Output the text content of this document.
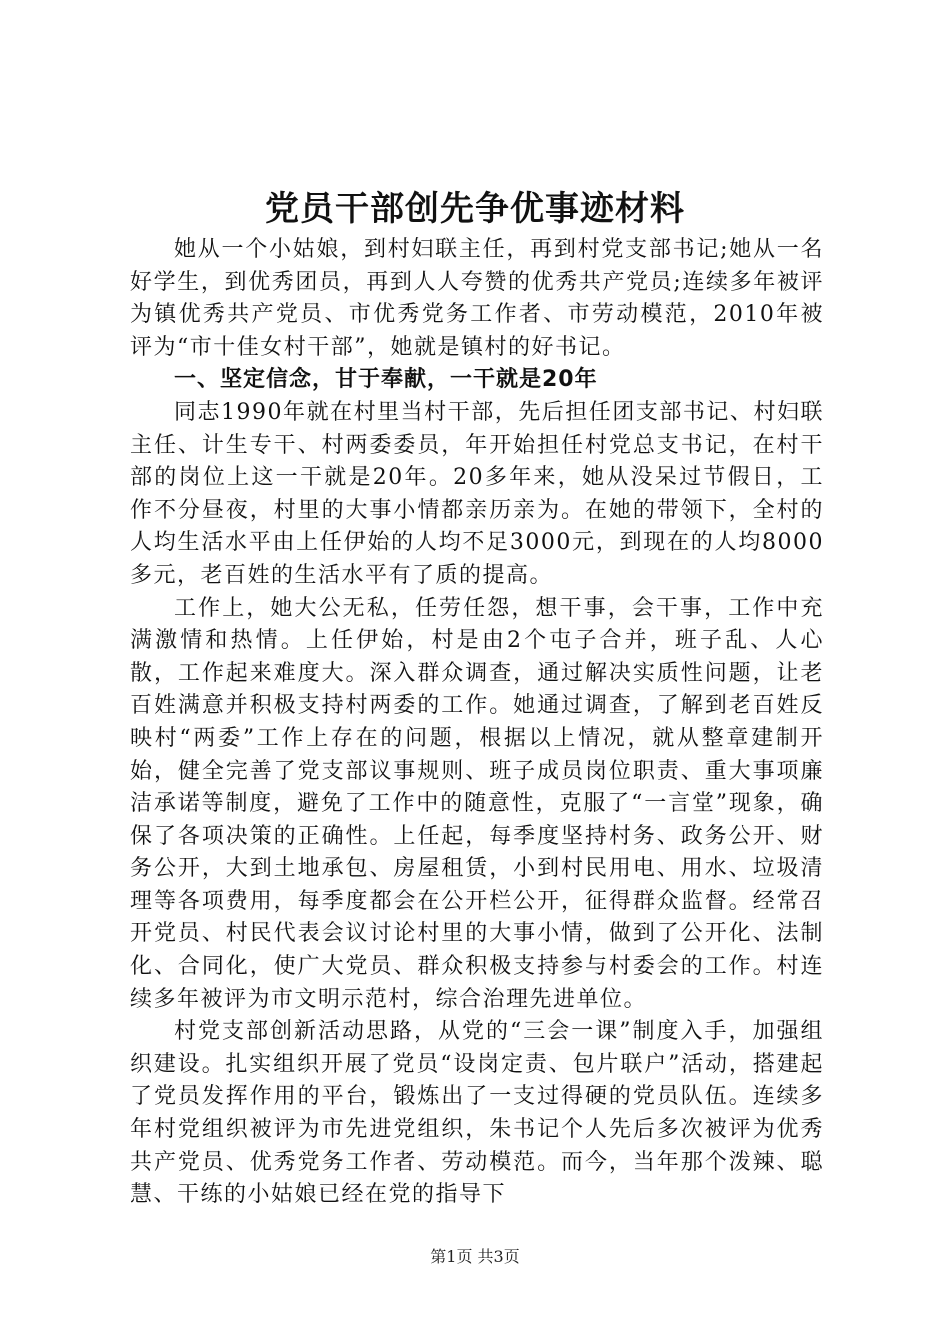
党员干部创先争优事迹材料

她从一个小姑娘，到村妇联主任，再到村党支部书记;她从一名好学生，到优秀团员，再到人人夸赞的优秀共产党员;连续多年被评为镇优秀共产党员、市优秀党务工作者、市劳动模范，2010年被评为“市十佳女村干部”，她就是镇村的好书记。

一、坚定信念，甘于奉献，一干就是20年

同志1990年就在村里当村干部，先后担任团支部书记、村妇联主任、计生专干、村两委委员，年开始担任村党总支书记，在村干部的岗位上这一干就是20年。20多年来，她从没呆过节假日，工作不分昼夜，村里的大事小情都亲历亲为。在她的带领下，全村的人均生活水平由上任伊始的人均不足3000元，到现在的人均8000多元，老百姓的生活水平有了质的提高。

工作上，她大公无私，任劳任怨，想干事，会干事，工作中充满激情和热情。上任伊始，村是由2个屯子合并，班子乱、人心散，工作起来难度大。深入群众调查，通过解决实质性问题，让老百姓满意并积极支持村两委的工作。她通过调查，了解到老百姓反映村“两委”工作上存在的问题，根据以上情况，就从整章建制开始，健全完善了党支部议事规则、班子成员岗位职责、重大事项廉洁承诺等制度，避免了工作中的随意性，克服了“一言堂”现象，确保了各项决策的正确性。上任起，每季度坚持村务、政务公开、财务公开，大到土地承包、房屋租赁，小到村民用电、用水、垃圾清理等各项费用，每季度都会在公开栏公开，征得群众监督。经常召开党员、村民代表会议讨论村里的大事小情，做到了公开化、法制化、合同化，使广大党员、群众积极支持参与村委会的工作。村连续多年被评为市文明示范村，综合治理先进单位。

村党支部创新活动思路，从党的“三会一课”制度入手，加强组织建设。扎实组织开展了党员“设岗定责、包片联户”活动，搭建起了党员发挥作用的平台，锻炼出了一支过得硬的党员队伍。连续多年村党组织被评为市先进党组织，朱书记个人先后多次被评为优秀共产党员、优秀党务工作者、劳动模范。而今，当年那个泼辣、聪慧、干练的小姑娘已经在党的指导下

第1页 共3页
